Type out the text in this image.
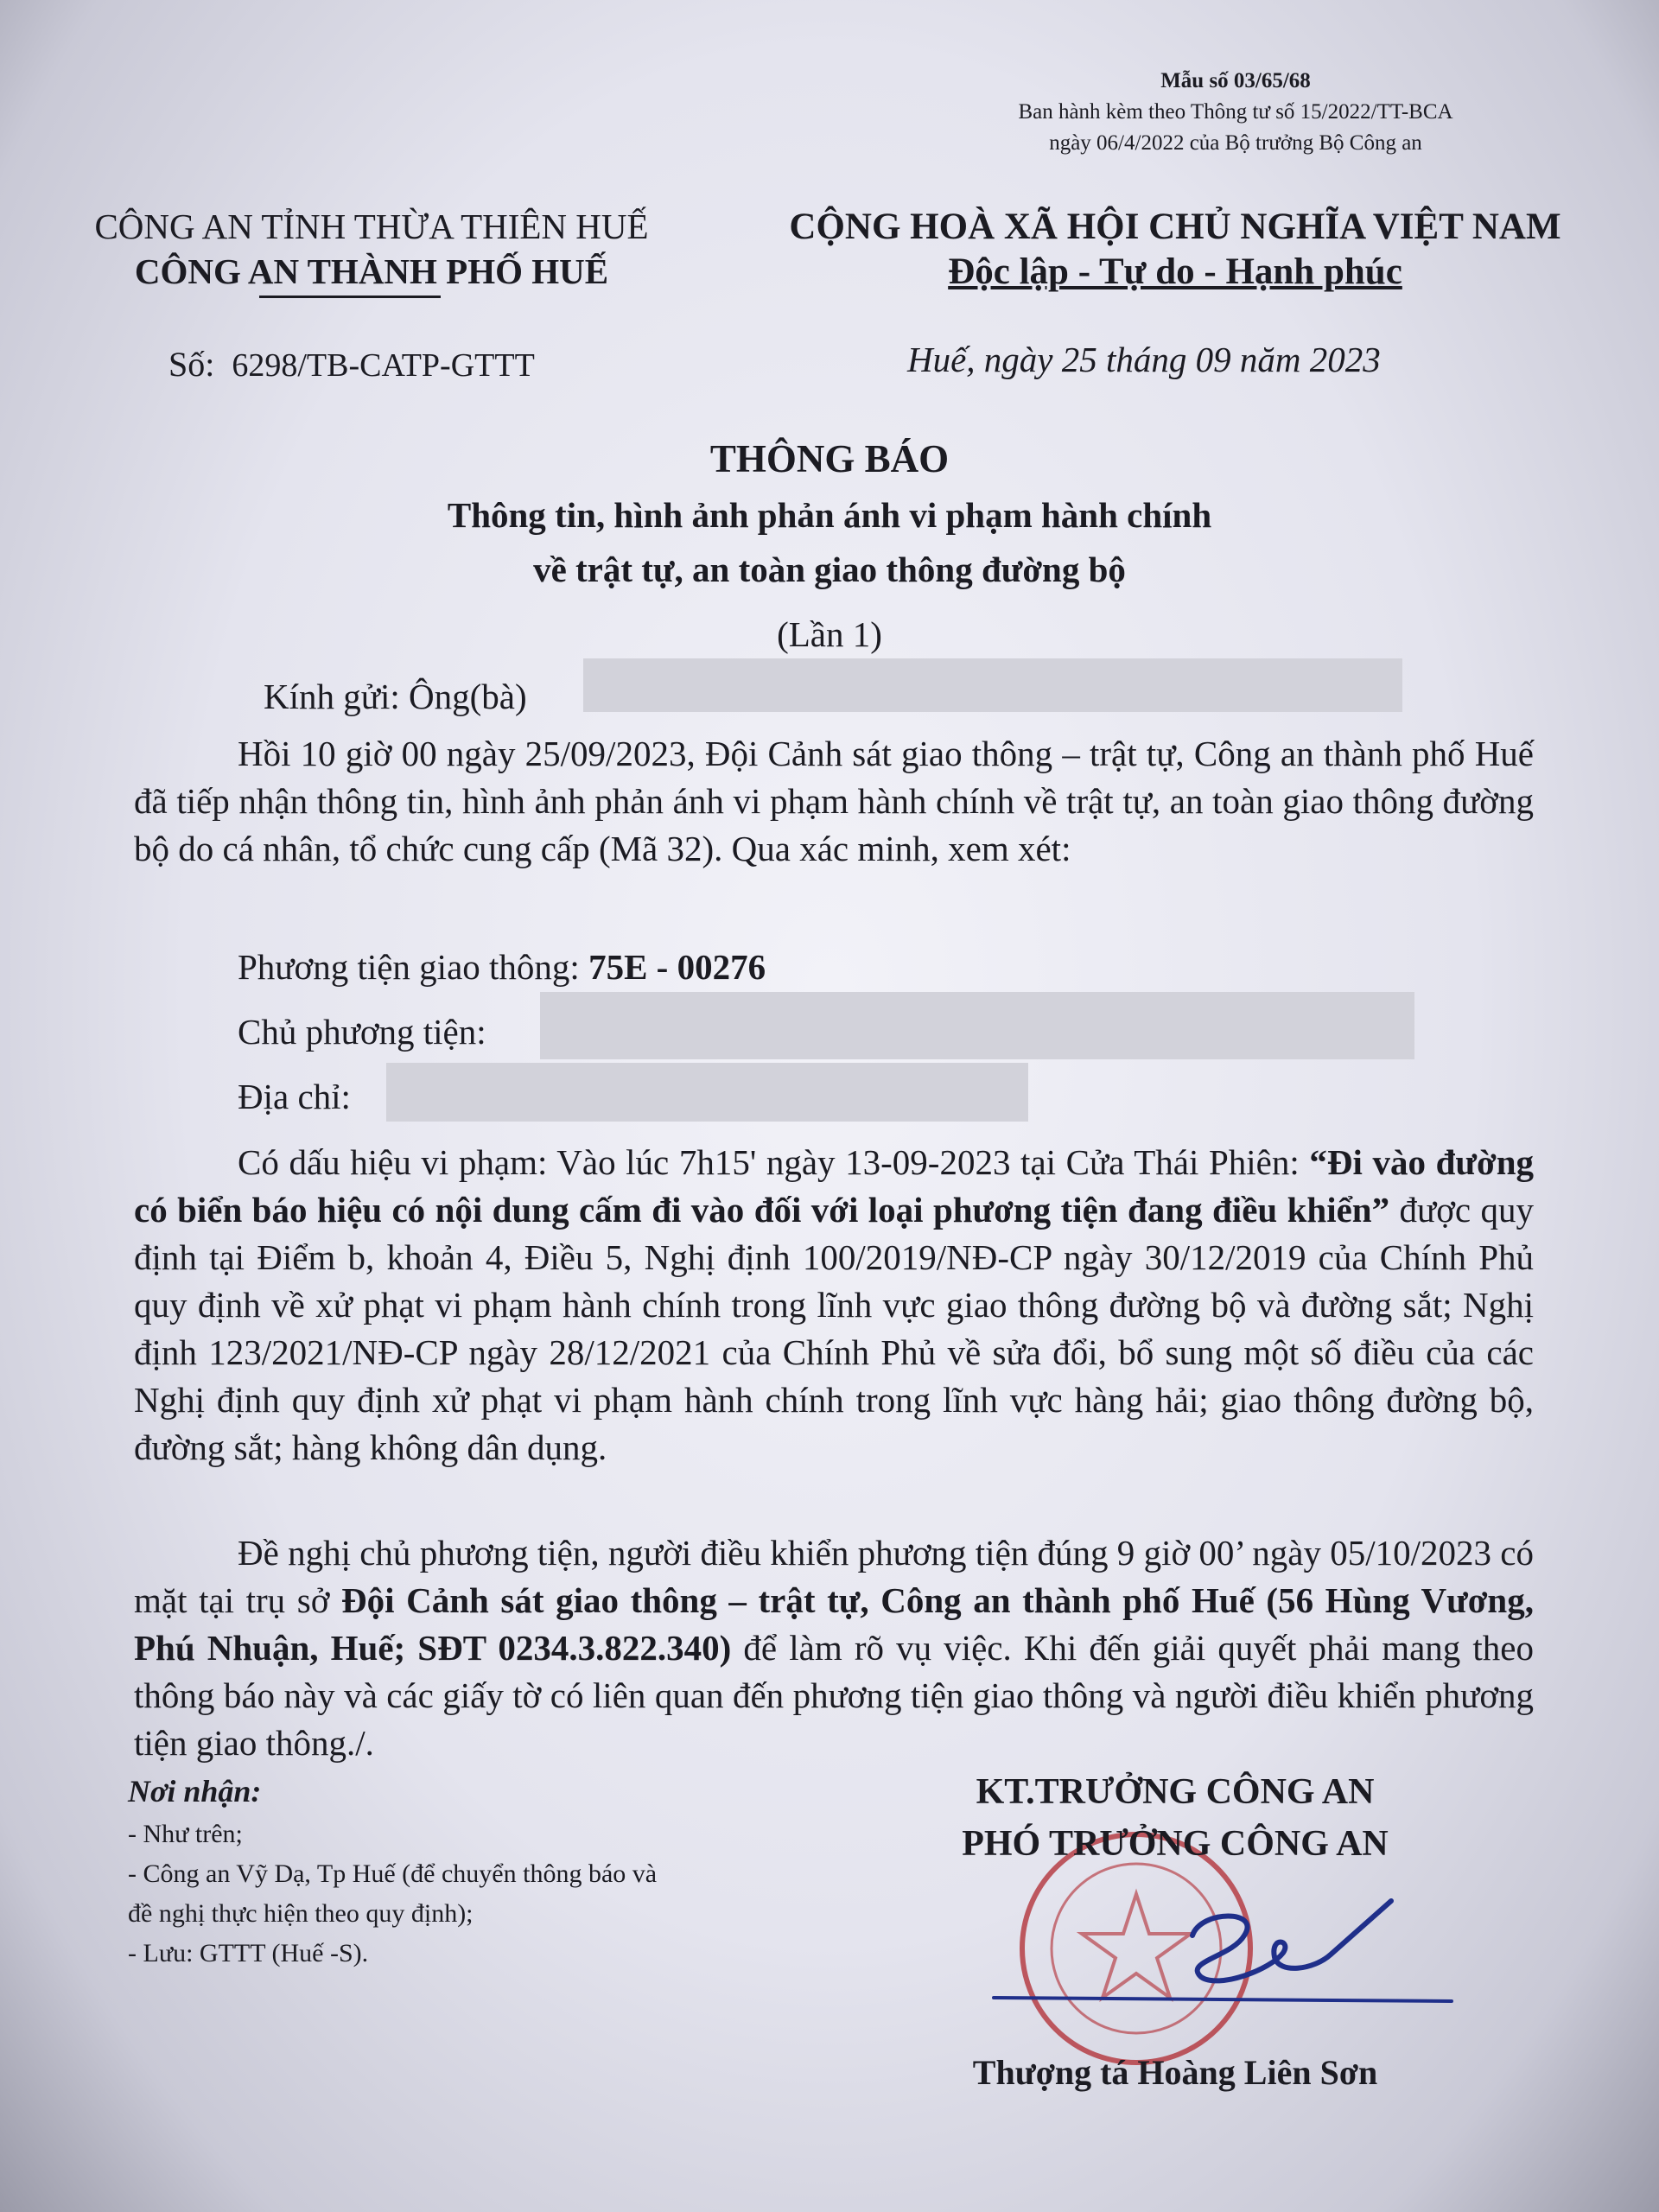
Mẫu số 03/65/68
Ban hành kèm theo Thông tư số 15/2022/TT-BCA
ngày 06/4/2022 của Bộ trưởng Bộ Công an
CÔNG AN TỈNH THỪA THIÊN HUẾ
CÔNG AN THÀNH PHỐ HUẾ
CỘNG HOÀ XÃ HỘI CHỦ NGHĨA VIỆT NAM
Độc lập - Tự do - Hạnh phúc
Số: 6298/TB-CATP-GTTT	Huế, ngày 25 tháng 09 năm 2023
THÔNG BÁO
Thông tin, hình ảnh phản ánh vi phạm hành chính
về trật tự, an toàn giao thông đường bộ
(Lần 1)
Kính gửi: Ông(bà)
Hồi 10 giờ 00 ngày 25/09/2023, Đội Cảnh sát giao thông – trật tự, Công an thành phố Huế đã tiếp nhận thông tin, hình ảnh phản ánh vi phạm hành chính về trật tự, an toàn giao thông đường bộ do cá nhân, tổ chức cung cấp (Mã 32). Qua xác minh, xem xét:
Phương tiện giao thông: 75E - 00276
Chủ phương tiện:
Địa chỉ:
Có dấu hiệu vi phạm: Vào lúc 7h15' ngày 13-09-2023 tại Cửa Thái Phiên: “Đi vào đường có biển báo hiệu có nội dung cấm đi vào đối với loại phương tiện đang điều khiển” được quy định tại Điểm b, khoản 4, Điều 5, Nghị định 100/2019/NĐ-CP ngày 30/12/2019 của Chính Phủ quy định về xử phạt vi phạm hành chính trong lĩnh vực giao thông đường bộ và đường sắt; Nghị định 123/2021/NĐ-CP ngày 28/12/2021 của Chính Phủ về sửa đổi, bổ sung một số điều của các Nghị định quy định xử phạt vi phạm hành chính trong lĩnh vực hàng hải; giao thông đường bộ, đường sắt; hàng không dân dụng.
Đề nghị chủ phương tiện, người điều khiển phương tiện đúng 9 giờ 00’ ngày 05/10/2023 có mặt tại trụ sở Đội Cảnh sát giao thông – trật tự, Công an thành phố Huế (56 Hùng Vương, Phú Nhuận, Huế; SĐT 0234.3.822.340) để làm rõ vụ việc. Khi đến giải quyết phải mang theo thông báo này và các giấy tờ có liên quan đến phương tiện giao thông và người điều khiển phương tiện giao thông./.
Nơi nhận:
- Như trên;
- Công an Vỹ Dạ, Tp Huế (để chuyển thông báo và
đề nghị thực hiện theo quy định);
- Lưu: GTTT (Huế -S).
KT.TRƯỞNG CÔNG AN
PHÓ TRƯỞNG CÔNG AN
Thượng tá Hoàng Liên Sơn
